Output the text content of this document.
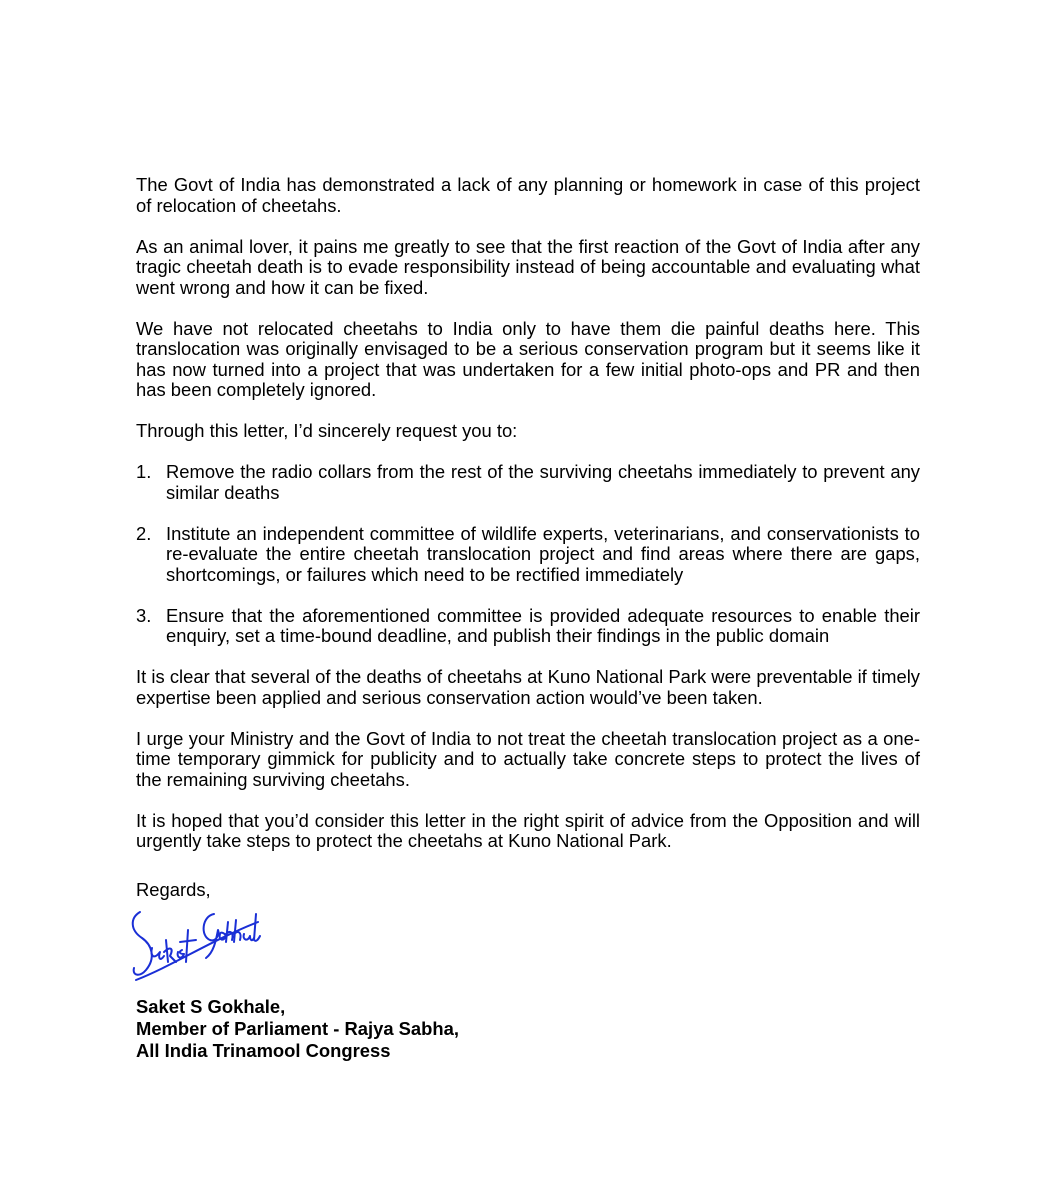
The Govt of India has demonstrated a lack of any planning or homework in case of this project of relocation of cheetahs.

As an animal lover, it pains me greatly to see that the first reaction of the Govt of India after any tragic cheetah death is to evade responsibility instead of being accountable and evaluating what went wrong and how it can be fixed.

We have not relocated cheetahs to India only to have them die painful deaths here. This translocation was originally envisaged to be a serious conservation program but it seems like it has now turned into a project that was undertaken for a few initial photo-ops and PR and then has been completely ignored.

Through this letter, I’d sincerely request you to:

1. Remove the radio collars from the rest of the surviving cheetahs immediately to prevent any similar deaths
2. Institute an independent committee of wildlife experts, veterinarians, and conservationists to re-evaluate the entire cheetah translocation project and find areas where there are gaps, shortcomings, or failures which need to be rectified immediately
3. Ensure that the aforementioned committee is provided adequate resources to enable their enquiry, set a time-bound deadline, and publish their findings in the public domain

It is clear that several of the deaths of cheetahs at Kuno National Park were preventable if timely expertise been applied and serious conservation action would’ve been taken.

I urge your Ministry and the Govt of India to not treat the cheetah translocation project as a one-time temporary gimmick for publicity and to actually take concrete steps to protect the lives of the remaining surviving cheetahs.

It is hoped that you’d consider this letter in the right spirit of advice from the Opposition and will urgently take steps to protect the cheetahs at Kuno National Park.

Regards,
Saket S Gokhale,
Member of Parliament - Rajya Sabha,
All India Trinamool Congress
